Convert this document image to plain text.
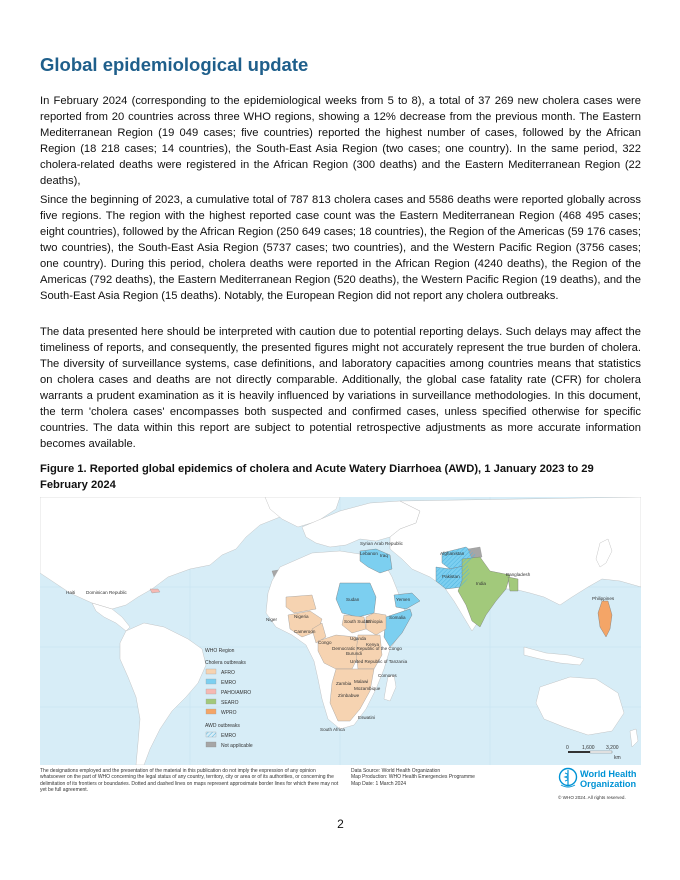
Global epidemiological update

In February 2024 (corresponding to the epidemiological weeks from 5 to 8), a total of 37 269 new cholera cases were reported from 20 countries across three WHO regions, showing a 12% decrease from the previous month. The Eastern Mediterranean Region (19 049 cases; five countries) reported the highest number of cases, followed by the African Region (18 218 cases; 14 countries), the South-East Asia Region (two cases; one country). In the same period, 322 cholera-related deaths were registered in the African Region (300 deaths) and the Eastern Mediterranean Region (22 deaths),

Since the beginning of 2023, a cumulative total of 787 813 cholera cases and 5586 deaths were reported globally across five regions. The region with the highest reported case count was the Eastern Mediterranean Region (468 495 cases; eight countries), followed by the African Region (250 649 cases; 18 countries), the Region of the Americas (59 176 cases; two countries), the South-East Asia Region (5737 cases; two countries), and the Western Pacific Region (3756 cases; one country). During this period, cholera deaths were reported in the African Region (4240 deaths), the Region of the Americas (792 deaths), the Eastern Mediterranean Region (520 deaths), the Western Pacific Region (19 deaths), and the South-East Asia Region (15 deaths). Notably, the European Region did not report any cholera outbreaks.

The data presented here should be interpreted with caution due to potential reporting delays. Such delays may affect the timeliness of reports, and consequently, the presented figures might not accurately represent the true burden of cholera. The diversity of surveillance systems, case definitions, and laboratory capacities among countries means that statistics on cholera cases and deaths are not directly comparable. Additionally, the global case fatality rate (CFR) for cholera warrants a prudent examination as it is heavily influenced by variations in surveillance methodologies. In this document, the term 'cholera cases' encompasses both suspected and confirmed cases, unless specified otherwise for specific countries. The data within this report are subject to potential retrospective adjustments as more accurate information becomes available.

Figure 1. Reported global epidemics of cholera and Acute Watery Diarrhoea (AWD), 1 January 2023 to 29 February 2024

Haiti Dominican Republic
Syrian Arab Republic
Lebanon Iraq	Afghanistan
Pakistan
India
Bangladesh
Philippines
Sudan	Yemen
Somalia
Ethiopia
South Sudan
Nigeria
Niger
Cameroon
Congo
Democratic Republic of the Congo
Burundi
Uganda
Kenya
United Republic of Tanzania
Comoros
Zambia Malawi
Mozambique
Zimbabwe
Eswatini
South Africa
WHO Region
Cholera outbreaks
AFRO
EMRO
PAHO/AMRO
SEARO
WPRO
AWD outbreaks
EMRO
Not applicable	0	1,600 3,200
km
The designations employed and the presentation of the material in this publication do not imply the expression of any opinion whatsoever on the part of WHO concerning the legal status of any country, territory, city or area or of its authorities, or concerning the delimitation of its frontiers or boundaries. Dotted and dashed lines on maps represent approximate border lines for which there may not yet be full agreement.
Data Source: World Health Organization
Map Production: WHO Health Emergencies Programme
Map Date: 1 March 2024
World Health
Organization
© WHO 2024. All rights reserved.
2
